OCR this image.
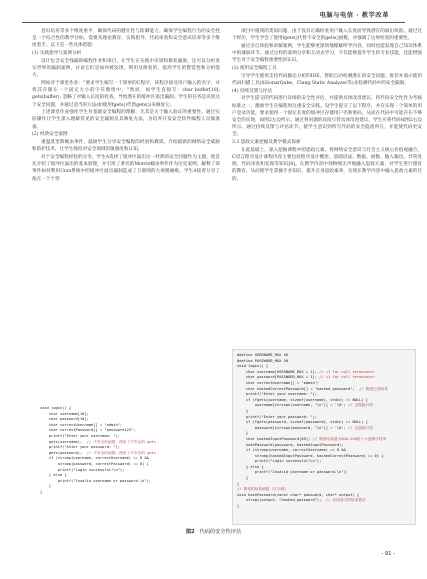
电脑与电信 · 教学改革

意识培养等多个维度重平，确保代码的健壮性与防御能力。确保学生编程行为的安全性是一个综合性的教学目标，需要从理论教育、实践指导、代码审查和安全意识培养等多个维度着手。以下是一些具体措施：

(1) 实践指导与案例分析

设计包含安全残漏的编程作业和项目，让学生在实践中识别和修复漏洞，还可以分析真实世界的漏洞案例，讨论它们是如何被发现、利用及修复的，提高学生的警觉性和分析能力。

例如对于课堂作业："要求学生编写一个简单的C程序，该程序接受用户输入的名字，并将其存储在一个固定大小的字符数组中。"然而，如学生直接写：char buffer[10]; gets(buffer); 忽略了对输入长度的检查，导致潜在的缓冲区溢出漏洞。学生的任务是识别这个安全问题，并通过适当的方法(如使用fgets()代替gets())来修复它。

上述课堂作业强化学生对基础安全编程的理解，尤其是关于输入验证的重要性。通过实际操作让学生深入理解常见的安全漏洞及其修复方法，为培养开发安全软件编程人员做准备。

(2) 经典安全案例

重温莫里斯蠕虫事件，鼓励学生分享安全编程的经验和教训。介绍最新的网络安全威胁和防护技术，让学生保持对安全领域的敏感度和认知。

对于安全编程经验的分享，学生A选择了缓冲区溢出这一经典的安全问题作为主题。他首先介绍了缓冲区溢出的基本原理，并引用了著名的Morris蠕虫事件作为历史案例，解释了该事件如何利用Unix系统中的缓冲区溢出漏洞造成了互联网的大规模瘫痪。学生A接着分享了他在一个个型

项目中遇到的类似问题，由于没有正确检查用户输入长度而导致潜在的溢出风险。通过这个经历，学生学会了使用fgets()代替不安全的gets()函数，并强调了边界检查的重要性。

通过亲自体验和讲解案例，学生能够更深刻地理解所学内容，同时也能发现自己知识体系中的薄弱环节。通过这样的案例分享和互动式学习，不仅能够提升学生的专业技能，还能增强学生对于安全编程重要性的认识。

(3) 使用安全编程工具

引导学生使用支持代码静态分析的IDE，帮助自动检测潜在的安全问题。推荐并演示使用代码扫描工具(如SonarQube、Clang Static Analyzer等)来检测代码中的安全漏洞。

(4) 持续反馈与评估

对学生提交的代码进行详细的安全性评估，并提供具体改进建议。将代码安全性作为考核标准之一，激励学生在编程时注重安全实践。设学生提交了以下程序，并在实现一个简单的用户登录功能，要求使用一个固定长度的缓冲区存储用户名和密码，从而在代码中可能存在不够安全的实现，如图2左边所示。通过将问题的高度尽管具体改进建议，学生应将代码如图2右边所示。通过持续反馈与评估环节，使学生意识到所写代码的安全隐患所在，并能使代码更安全。

3.3 思政元素挖掘及教学模式探索

在此基础上，深入挖掘课程中的思政元素，将网络安全意识与社会主义核心价值观融合，C语言程序设计课程内容主要包括程序设计概述、基础语法、数据、函数、输入输出、异常处理、代码审查和发现等知识[8]。在教学内容中刻物细无声地融入思政元素，对学生进行德育的教育，从而使学生掌握专业知识，提升自身思政素养，实现在教学内容中融入思政元素的目的。

void login() {
char username[10];
char password[10];
char correctUsername[] = "admin";
char correctPassword[] = "password123";
printf("Enter your username: ");
gets(username);  // 不安全的函数：使用了不安全的 gets
printf("Enter your password: ");
gets(password);  // 不安全的函数：使用了不安全的 gets
if (strcmp(username, correctUsername) == 0 &&
strcmp(password, correctPassword) == 0) {
printf("Login successful!\n");
} else {
printf("Invalid username or password.\n");
}
}
#define USERNAME_MAX 50
#define PASSWORD_MAX 50
void login() {
char username[USERNAME_MAX + 1]; // +1 for null terminator
char password[PASSWORD_MAX + 1]; // +1 for null terminator
char correctUsername[] = "admin";
char hashedCorrectPassword[] = "hashed_password";  // 假设已经哈希
printf("Enter your username: ");
if (fgets(username, sizeof(username), stdin) != NULL) {
username[strcspn(username, "\n")] = '\0'; // 去除换行符
}
printf("Enter your password: ");
if (fgets(password, sizeof(password), stdin) != NULL) {
password[strcspn(password, "\n")] = '\0'; // 去除换行符
}
char hashedInputPassword[65]; // 假设哈希值为SHA-256的十六进制字符串
hashPassword(password, hashedInputPassword);
if (strcmp(username, correctUsername) == 0 &&
strcmp(hashedInputPassword, hashedCorrectPassword) == 0) {
printf("Login successful!\n");
} else {
printf("Invalid username or password.\n");
}
}
// 简化的哈希函数（仅示例）
void hashPassword(const char* password, char* output) {
strcpy(output, "hashed_password");  // 应用适当的哈希算法
}
图2 代码的安全性评估
- 91 -
